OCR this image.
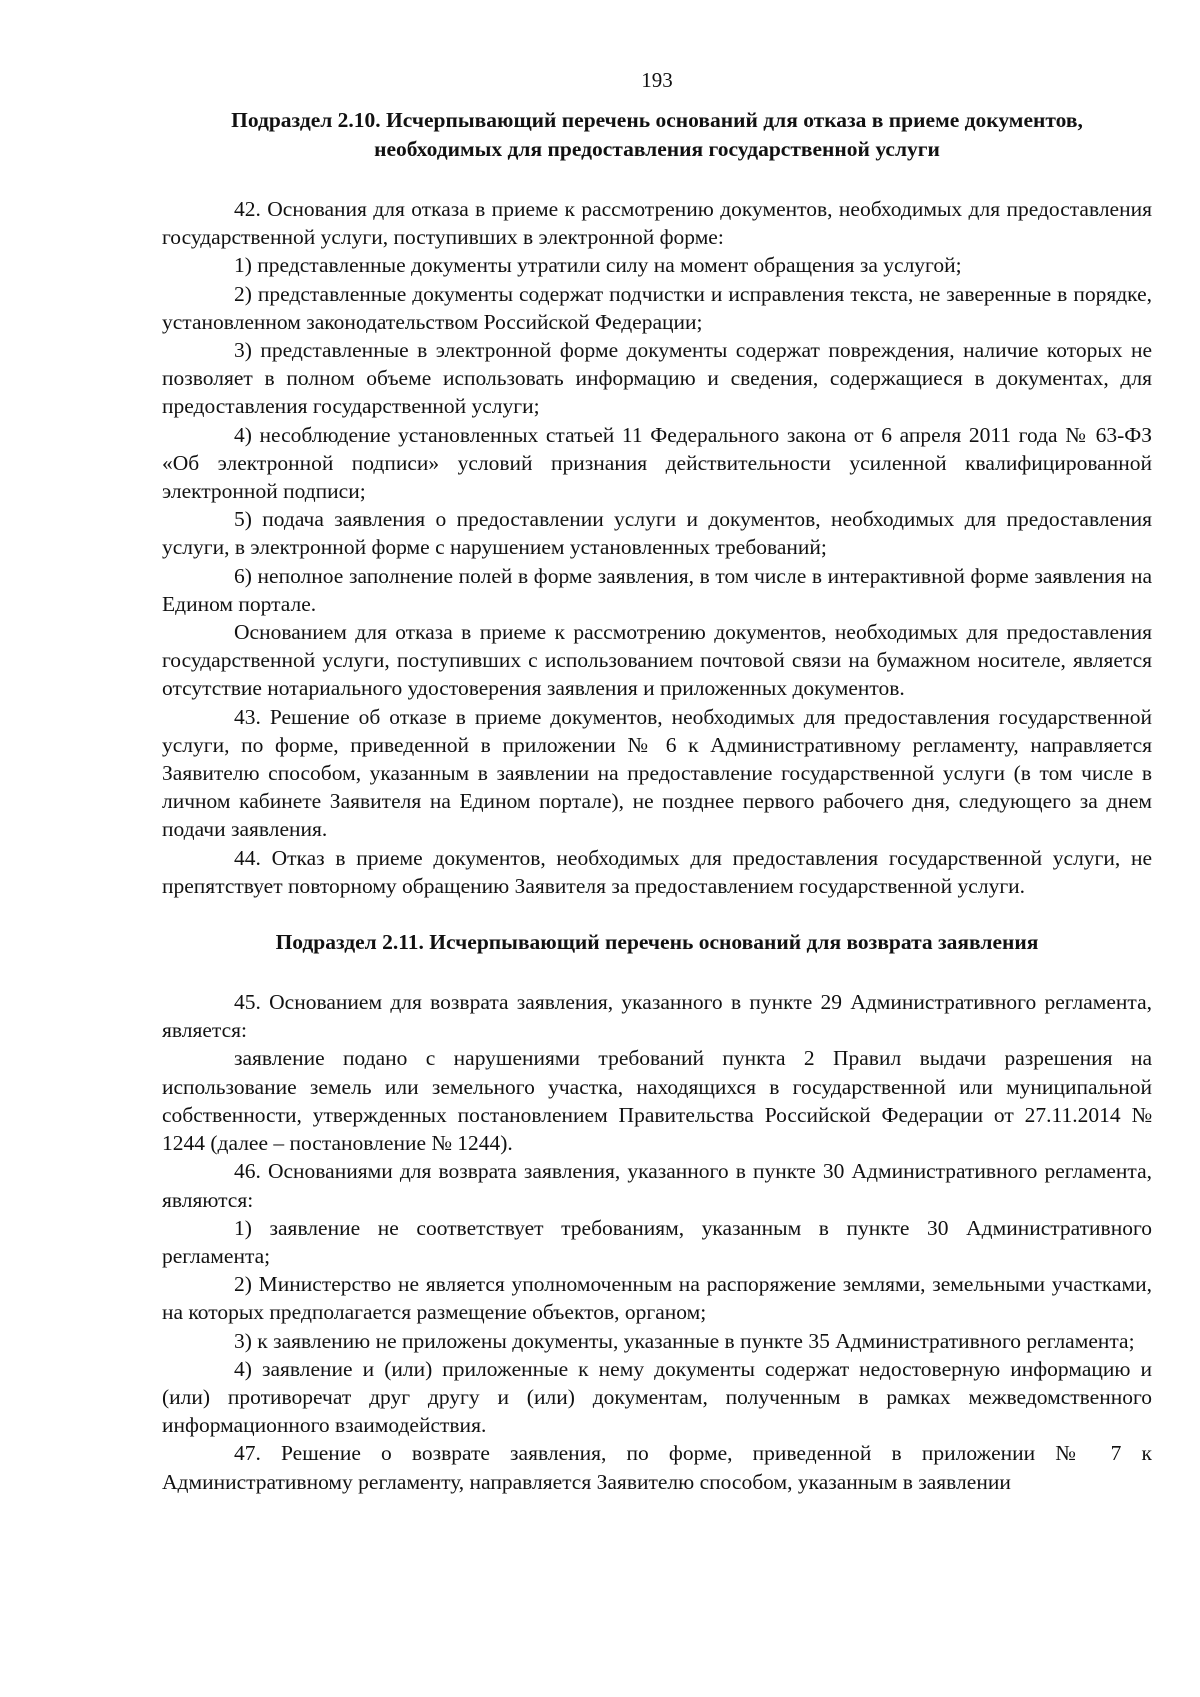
193
Подраздел 2.10. Исчерпывающий перечень оснований для отказа в приеме документов,
необходимых для предоставления государственной услуги

42. Основания для отказа в приеме к рассмотрению документов, необходимых для предоставления государственной услуги, поступивших в электронной форме:

1) представленные документы утратили силу на момент обращения за услугой;

2) представленные документы содержат подчистки и исправления текста, не заверенные в порядке, установленном законодательством Российской Федерации;

3) представленные в электронной форме документы содержат повреждения, наличие которых не позволяет в полном объеме использовать информацию и сведения, содержащиеся в документах, для предоставления государственной услуги;

4) несоблюдение установленных статьей 11 Федерального закона от 6 апреля 2011 года № 63-ФЗ «Об электронной подписи» условий признания действительности усиленной квалифицированной электронной подписи;

5) подача заявления о предоставлении услуги и документов, необходимых для предоставления услуги, в электронной форме с нарушением установленных требований;

6) неполное заполнение полей в форме заявления, в том числе в интерактивной форме заявления на Едином портале.

Основанием для отказа в приеме к рассмотрению документов, необходимых для предоставления государственной услуги, поступивших с использованием почтовой связи на бумажном носителе, является отсутствие нотариального удостоверения заявления и приложенных документов.

43. Решение об отказе в приеме документов, необходимых для предоставления государственной услуги, по форме, приведенной в приложении № 6 к Административному регламенту, направляется Заявителю способом, указанным в заявлении на предоставление государственной услуги (в том числе в личном кабинете Заявителя на Едином портале), не позднее первого рабочего дня, следующего за днем подачи заявления.

44. Отказ в приеме документов, необходимых для предоставления государственной услуги, не препятствует повторному обращению Заявителя за предоставлением государственной услуги.

Подраздел 2.11. Исчерпывающий перечень оснований для возврата заявления

45. Основанием для возврата заявления, указанного в пункте 29 Административного регламента, является:

заявление подано с нарушениями требований пункта 2 Правил выдачи разрешения на использование земель или земельного участка, находящихся в государственной или муниципальной собственности, утвержденных постановлением Правительства Российской Федерации от 27.11.2014 № 1244 (далее – постановление № 1244).

46. Основаниями для возврата заявления, указанного в пункте 30 Административного регламента, являются:

1) заявление не соответствует требованиям, указанным в пункте 30 Административного регламента;

2) Министерство не является уполномоченным на распоряжение землями, земельными участками, на которых предполагается размещение объектов, органом;

3) к заявлению не приложены документы, указанные в пункте 35 Административного регламента;

4) заявление и (или) приложенные к нему документы содержат недостоверную информацию и (или) противоречат друг другу и (или) документам, полученным в рамках межведомственного информационного взаимодействия.

47. Решение о возврате заявления, по форме, приведенной в приложении № 7 к Административному регламенту, направляется Заявителю способом, указанным в заявлении
